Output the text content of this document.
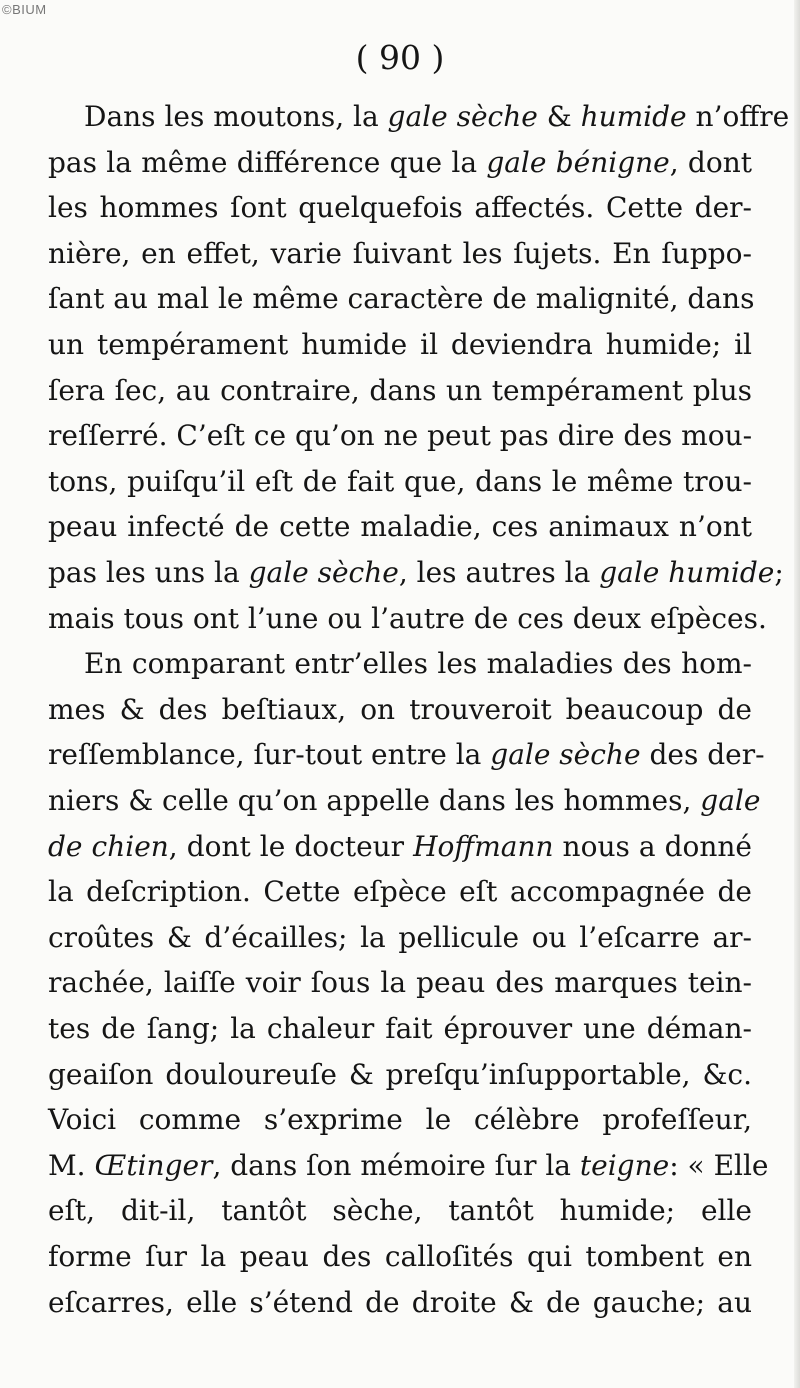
©BIUM
( 90 )
Dans les moutons, la gale sèche & humide n’offre
pas la même différence que la gale bénigne, dont
les hommes ſont quelquefois affectés. Cette der-
nière, en effet, varie ſuivant les ſujets. En ſuppo-
ſant au mal le même caractère de malignité, dans
un tempérament humide il deviendra humide; il
ſera ſec, au contraire, dans un tempérament plus
reſſerré. C’eſt ce qu’on ne peut pas dire des mou-
tons, puiſqu’il eſt de fait que, dans le même trou-
peau infecté de cette maladie, ces animaux n’ont
pas les uns la gale sèche, les autres la gale humide;
mais tous ont l’une ou l’autre de ces deux eſpèces.
En comparant entr’elles les maladies des hom-
mes & des beſtiaux, on trouveroit beaucoup de
reſſemblance, ſur-tout entre la gale sèche des der-
niers & celle qu’on appelle dans les hommes, gale
de chien, dont le docteur Hoffmann nous a donné
la deſcription. Cette eſpèce eſt accompagnée de
croûtes & d’écailles; la pellicule ou l’eſcarre ar-
rachée, laiſſe voir ſous la peau des marques tein-
tes de ſang; la chaleur fait éprouver une déman-
geaiſon douloureuſe & preſqu’inſupportable, &c.
Voici comme s’exprime le célèbre profeſſeur,
M. Œtinger, dans ſon mémoire ſur la teigne: « Elle
eſt, dit-il, tantôt sèche, tantôt humide; elle
forme ſur la peau des calloſités qui tombent en
eſcarres, elle s’étend de droite & de gauche; au
